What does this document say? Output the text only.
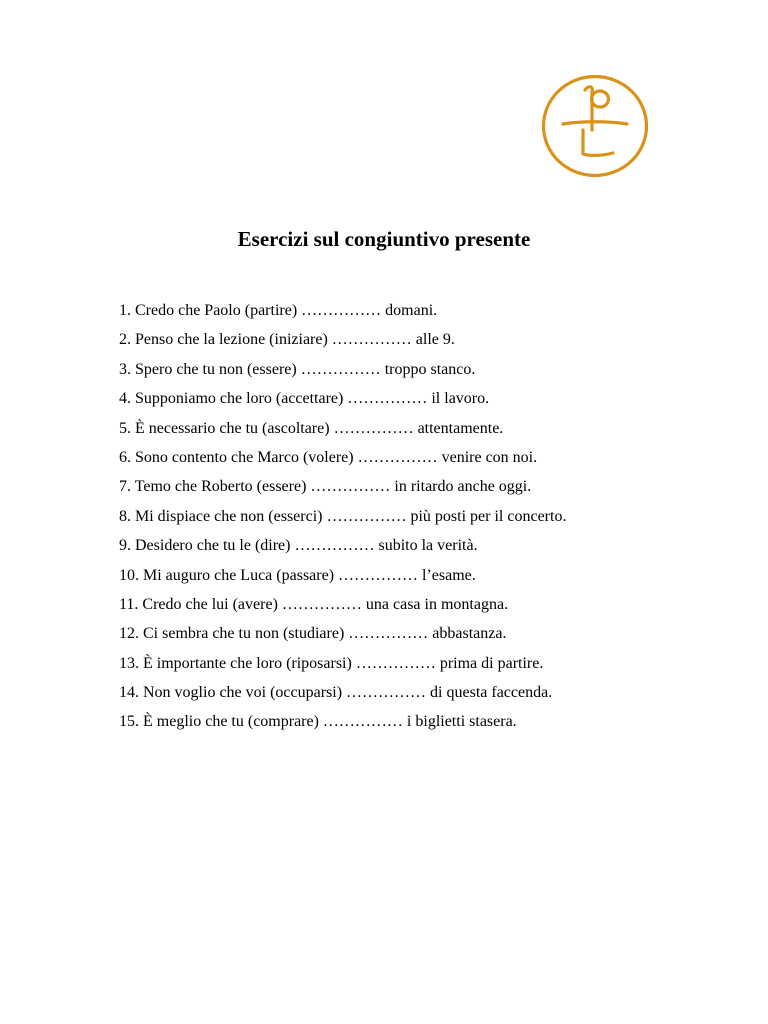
Esercizi sul congiuntivo presente
1. Credo che Paolo (partire) …………… domani.
2. Penso che la lezione (iniziare) …………… alle 9.
3. Spero che tu non (essere) …………… troppo stanco.
4. Supponiamo che loro (accettare) …………… il lavoro.
5. È necessario che tu (ascoltare) …………… attentamente.
6. Sono contento che Marco (volere) …………… venire con noi.
7. Temo che Roberto (essere) …………… in ritardo anche oggi.
8. Mi dispiace che non (esserci) …………… più posti per il concerto.
9. Desidero che tu le (dire) …………… subito la verità.
10. Mi auguro che Luca (passare) …………… l’esame.
11. Credo che lui (avere) …………… una casa in montagna.
12. Ci sembra che tu non (studiare) …………… abbastanza.
13. È importante che loro (riposarsi) …………… prima di partire.
14. Non voglio che voi (occuparsi) …………… di questa faccenda.
15. È meglio che tu (comprare) …………… i biglietti stasera.
